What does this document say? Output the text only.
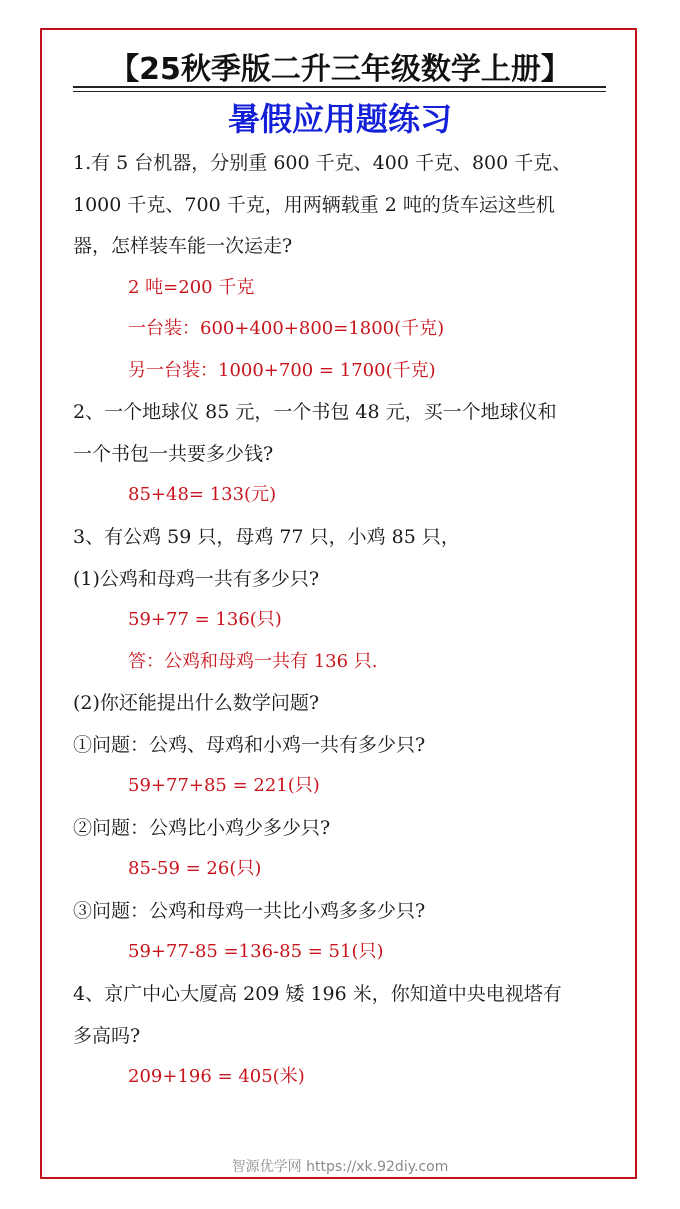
【25秋季版二升三年级数学上册】
暑假应用题练习
1.有 5 台机器，分别重 600 千克、400 千克、800 千克、
1000 千克、700 千克，用两辆载重 2 吨的货车运这些机
器，怎样装车能一次运走?
2 吨=200 千克
一台装：600+400+800=1800(千克)
另一台装：1000+700 = 1700(千克)
2、一个地球仪 85 元，一个书包 48 元，买一个地球仪和
一个书包一共要多少钱?
85+48= 133(元)
3、有公鸡 59 只，母鸡 77 只，小鸡 85 只，
(1)公鸡和母鸡一共有多少只?
59+77 = 136(只)
答：公鸡和母鸡一共有 136 只.
(2)你还能提出什么数学问题?
①问题：公鸡、母鸡和小鸡一共有多少只?
59+77+85 = 221(只)
②问题：公鸡比小鸡少多少只?
85-59 = 26(只)
③问题：公鸡和母鸡一共比小鸡多多少只?
59+77-85 =136-85 = 51(只)
4、京广中心大厦高 209 矮 196 米，你知道中央电视塔有
多高吗?
209+196 = 405(米)
智源优学网 https://xk.92diy.com
